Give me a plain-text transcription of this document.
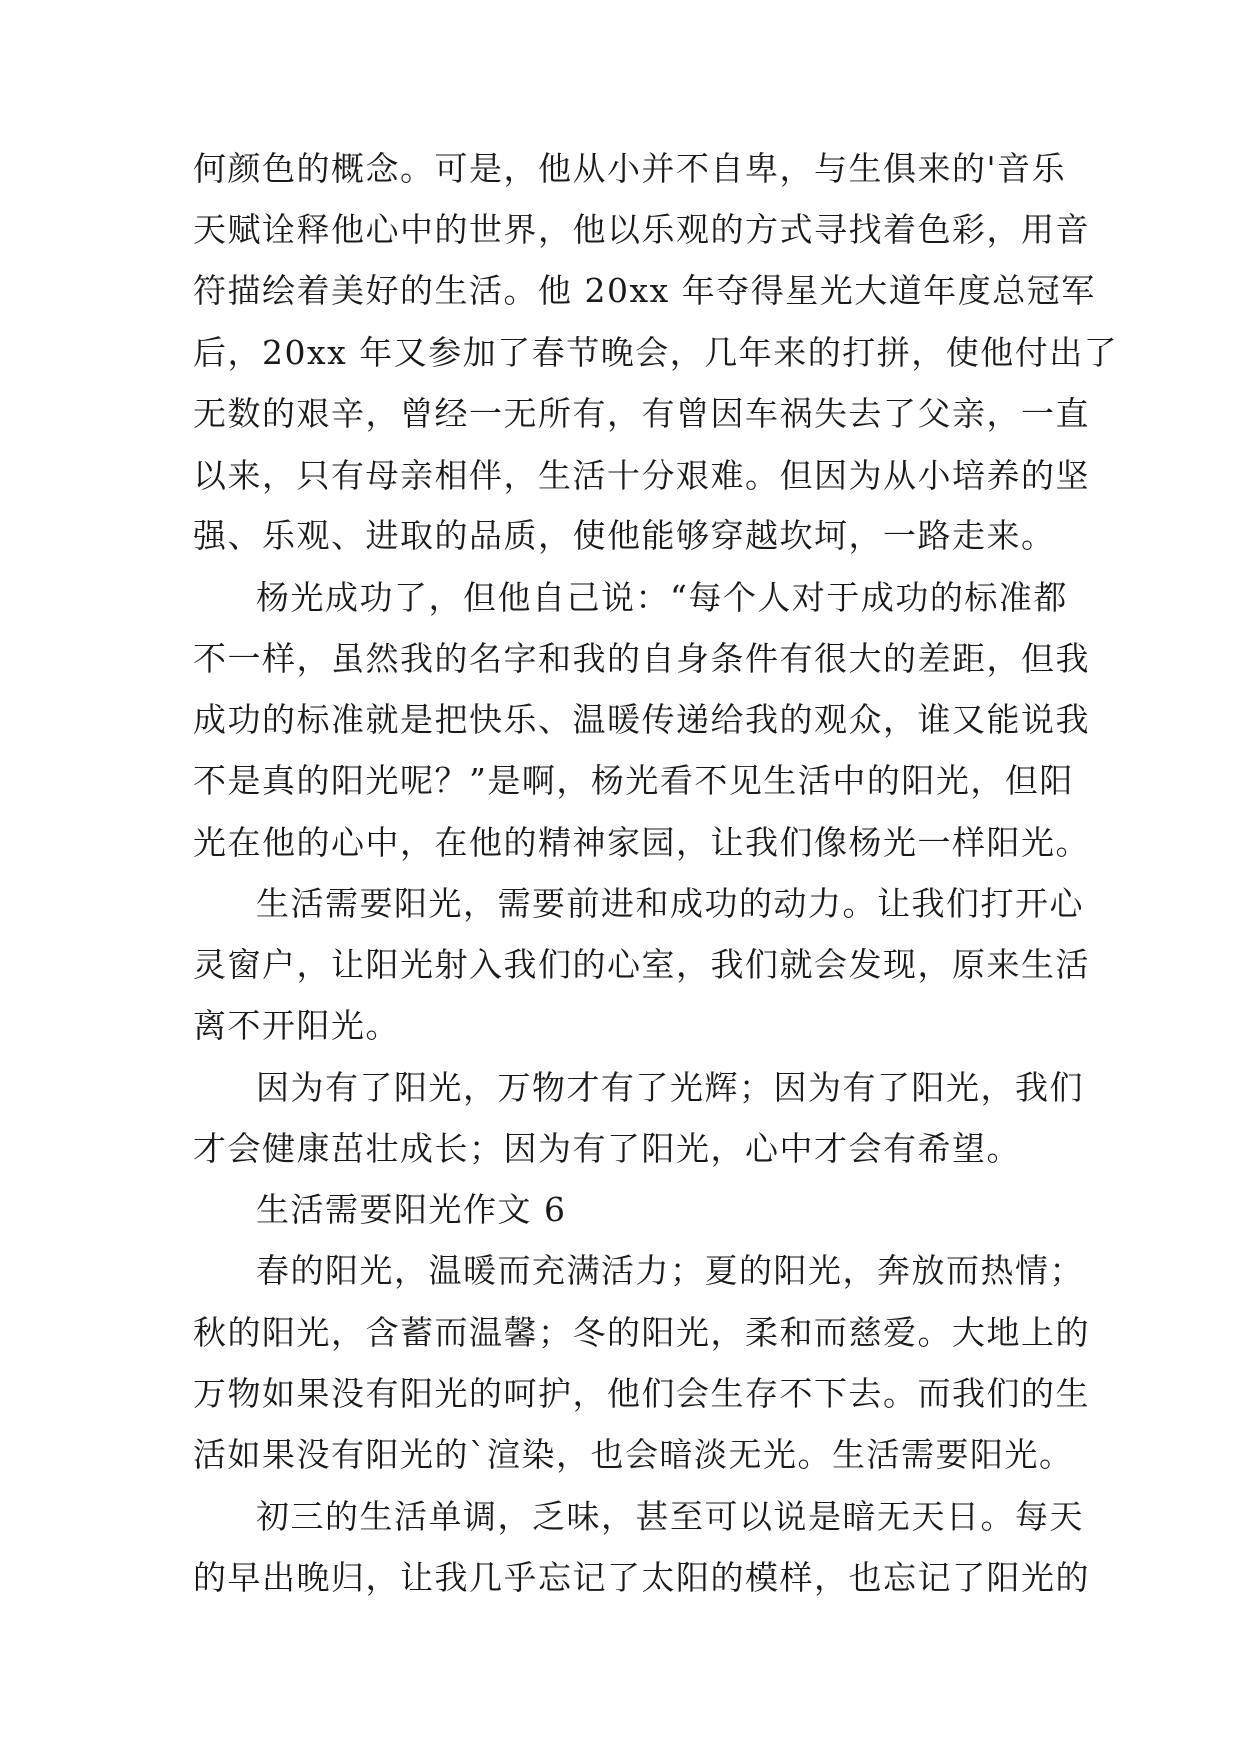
何颜色的概念。可是，他从小并不自卑，与生俱来的'音乐
天赋诠释他心中的世界，他以乐观的方式寻找着色彩，用音
符描绘着美好的生活。他 20xx 年夺得星光大道年度总冠军
后，20xx 年又参加了春节晚会，几年来的打拼，使他付出了
无数的艰辛，曾经一无所有，有曾因车祸失去了父亲，一直
以来，只有母亲相伴，生活十分艰难。但因为从小培养的坚
强、乐观、进取的品质，使他能够穿越坎坷，一路走来。
杨光成功了，但他自己说：“每个人对于成功的标准都
不一样，虽然我的名字和我的自身条件有很大的差距，但我
成功的标准就是把快乐、温暖传递给我的观众，谁又能说我
不是真的阳光呢？”是啊，杨光看不见生活中的阳光，但阳
光在他的心中，在他的精神家园，让我们像杨光一样阳光。
生活需要阳光，需要前进和成功的动力。让我们打开心
灵窗户，让阳光射入我们的心室，我们就会发现，原来生活
离不开阳光。
因为有了阳光，万物才有了光辉；因为有了阳光，我们
才会健康茁壮成长；因为有了阳光，心中才会有希望。
生活需要阳光作文 6
春的阳光，温暖而充满活力；夏的阳光，奔放而热情；
秋的阳光，含蓄而温馨；冬的阳光，柔和而慈爱。大地上的
万物如果没有阳光的呵护，他们会生存不下去。而我们的生
活如果没有阳光的`渲染，也会暗淡无光。生活需要阳光。
初三的生活单调，乏味，甚至可以说是暗无天日。每天
的早出晚归，让我几乎忘记了太阳的模样，也忘记了阳光的
